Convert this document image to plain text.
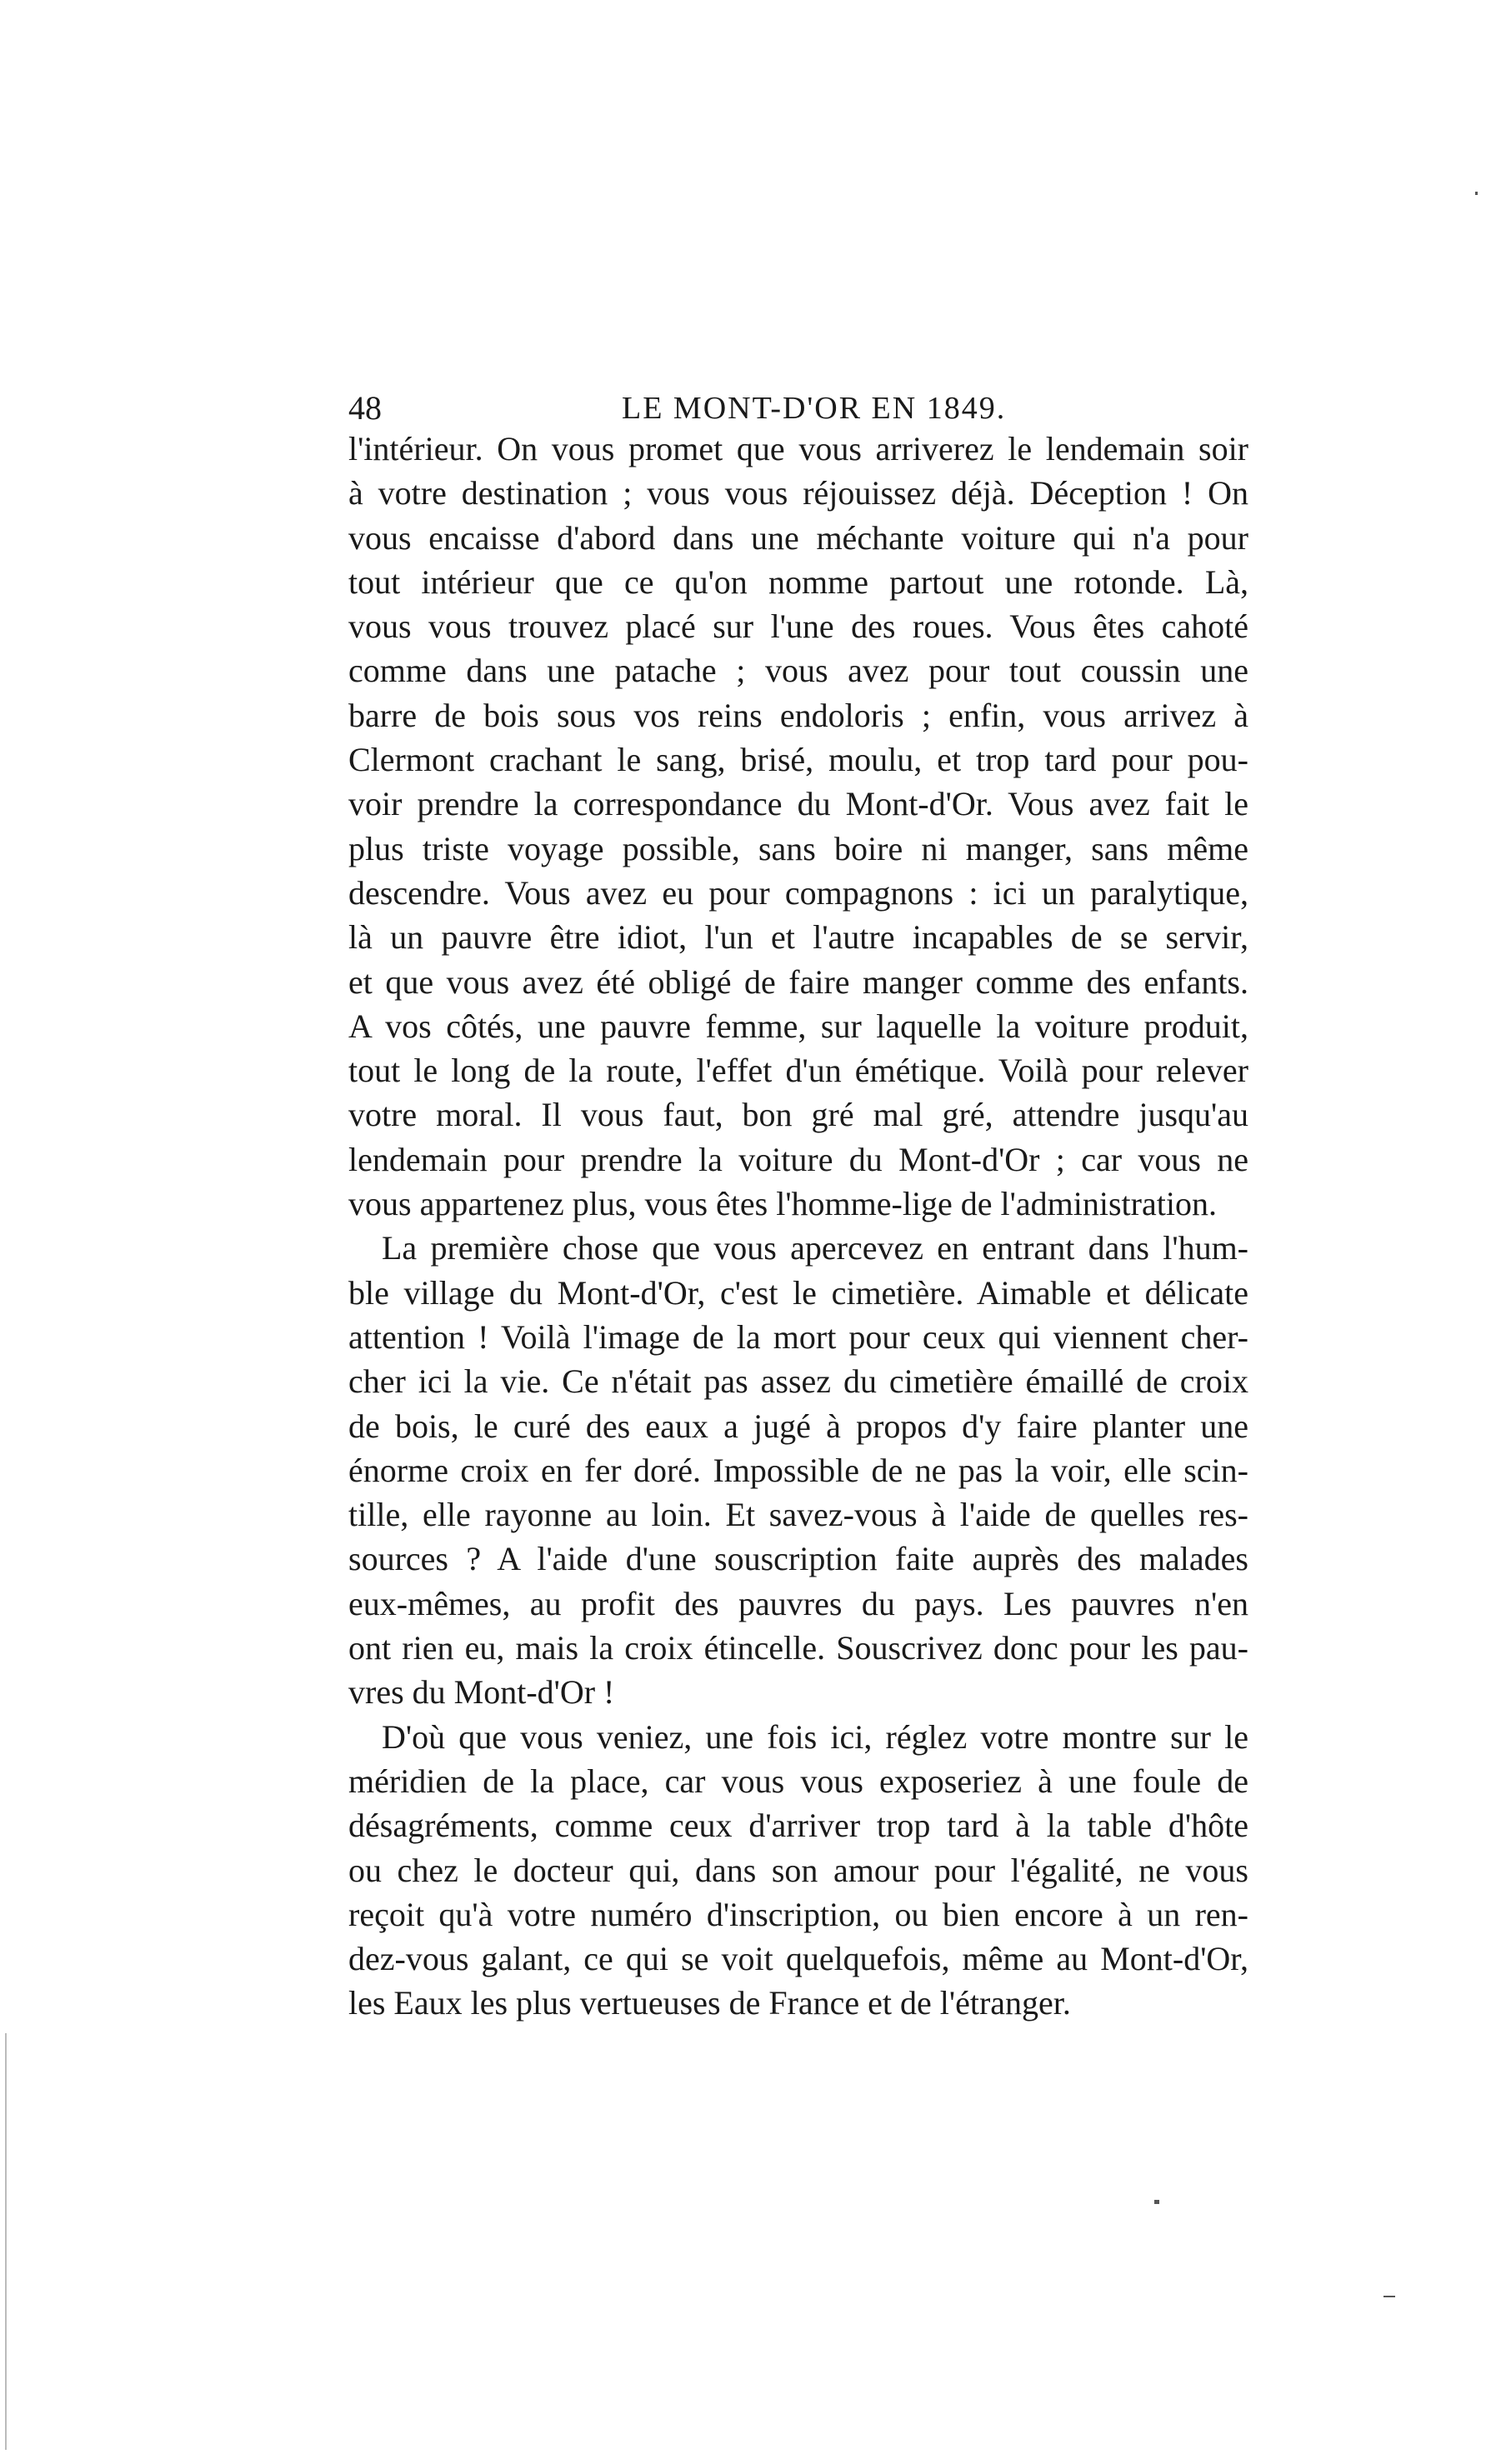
48	LE MONT-D'OR EN 1849.
l'intérieur. On vous promet que vous arriverez le lendemain soir
à votre destination ; vous vous réjouissez déjà. Déception ! On
vous encaisse d'abord dans une méchante voiture qui n'a pour
tout intérieur que ce qu'on nomme partout une rotonde. Là,
vous vous trouvez placé sur l'une des roues. Vous êtes cahoté
comme dans une patache ; vous avez pour tout coussin une
barre de bois sous vos reins endoloris ; enfin, vous arrivez à
Clermont crachant le sang, brisé, moulu, et trop tard pour pou-
voir prendre la correspondance du Mont-d'Or. Vous avez fait le
plus triste voyage possible, sans boire ni manger, sans même
descendre. Vous avez eu pour compagnons : ici un paralytique,
là un pauvre être idiot, l'un et l'autre incapables de se servir,
et que vous avez été obligé de faire manger comme des enfants.
A vos côtés, une pauvre femme, sur laquelle la voiture produit,
tout le long de la route, l'effet d'un émétique. Voilà pour relever
votre moral. Il vous faut, bon gré mal gré, attendre jusqu'au
lendemain pour prendre la voiture du Mont-d'Or ; car vous ne
vous appartenez plus, vous êtes l'homme-lige de l'administration.
La première chose que vous apercevez en entrant dans l'hum-
ble village du Mont-d'Or, c'est le cimetière. Aimable et délicate
attention ! Voilà l'image de la mort pour ceux qui viennent cher-
cher ici la vie. Ce n'était pas assez du cimetière émaillé de croix
de bois, le curé des eaux a jugé à propos d'y faire planter une
énorme croix en fer doré. Impossible de ne pas la voir, elle scin-
tille, elle rayonne au loin. Et savez-vous à l'aide de quelles res-
sources ? A l'aide d'une souscription faite auprès des malades
eux-mêmes, au profit des pauvres du pays. Les pauvres n'en
ont rien eu, mais la croix étincelle. Souscrivez donc pour les pau-
vres du Mont-d'Or !
D'où que vous veniez, une fois ici, réglez votre montre sur le
méridien de la place, car vous vous exposeriez à une foule de
désagréments, comme ceux d'arriver trop tard à la table d'hôte
ou chez le docteur qui, dans son amour pour l'égalité, ne vous
reçoit qu'à votre numéro d'inscription, ou bien encore à un ren-
dez-vous galant, ce qui se voit quelquefois, même au Mont-d'Or,
les Eaux les plus vertueuses de France et de l'étranger.
